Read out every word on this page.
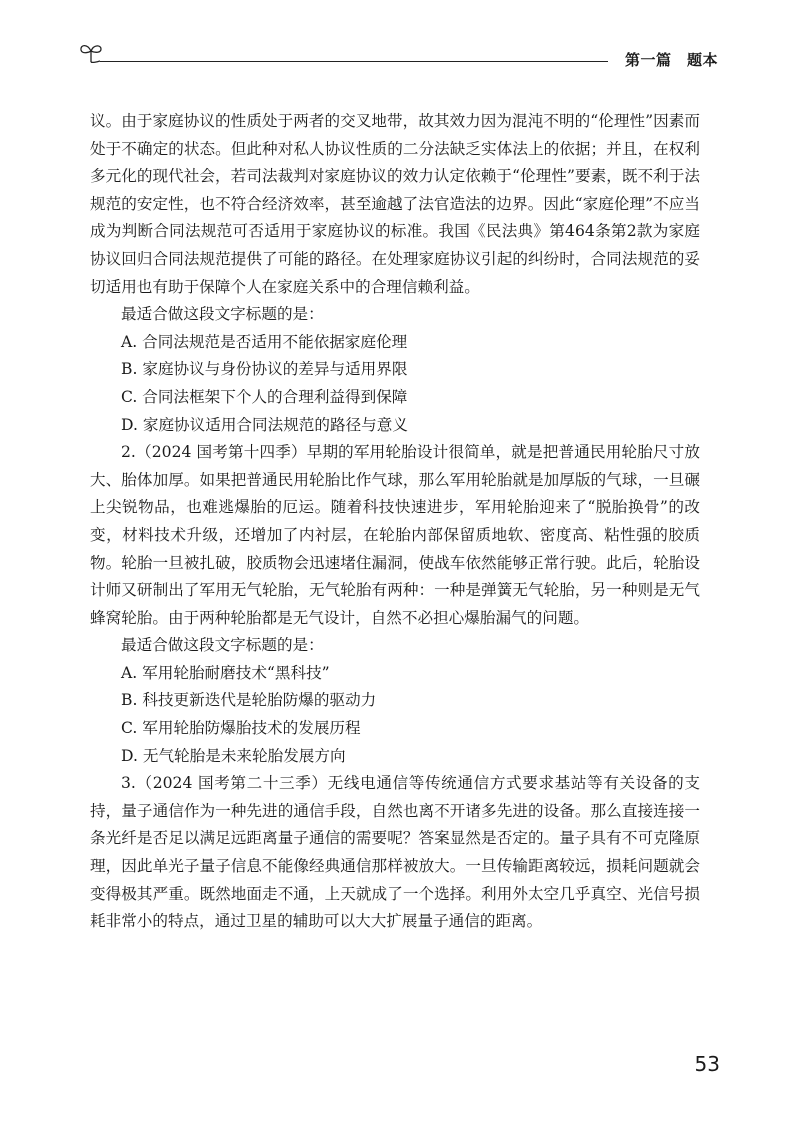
第一篇　题本

议。由于家庭协议的性质处于两者的交叉地带，故其效力因为混沌不明的“伦理性”因素而处于不确定的状态。但此种对私人协议性质的二分法缺乏实体法上的依据；并且，在权利多元化的现代社会，若司法裁判对家庭协议的效力认定依赖于“伦理性”要素，既不利于法规范的安定性，也不符合经济效率，甚至逾越了法官造法的边界。因此“家庭伦理”不应当成为判断合同法规范可否适用于家庭协议的标准。我国《民法典》第464条第2款为家庭协议回归合同法规范提供了可能的路径。在处理家庭协议引起的纠纷时，合同法规范的妥切适用也有助于保障个人在家庭关系中的合理信赖利益。

最适合做这段文字标题的是：

A. 合同法规范是否适用不能依据家庭伦理

B. 家庭协议与身份协议的差异与适用界限

C. 合同法框架下个人的合理利益得到保障

D. 家庭协议适用合同法规范的路径与意义

2.（2024 国考第十四季）早期的军用轮胎设计很简单，就是把普通民用轮胎尺寸放大、胎体加厚。如果把普通民用轮胎比作气球，那么军用轮胎就是加厚版的气球，一旦碾上尖锐物品，也难逃爆胎的厄运。随着科技快速进步，军用轮胎迎来了“脱胎换骨”的改变，材料技术升级，还增加了内衬层，在轮胎内部保留质地软、密度高、粘性强的胶质物。轮胎一旦被扎破，胶质物会迅速堵住漏洞，使战车依然能够正常行驶。此后，轮胎设计师又研制出了军用无气轮胎，无气轮胎有两种：一种是弹簧无气轮胎，另一种则是无气蜂窝轮胎。由于两种轮胎都是无气设计，自然不必担心爆胎漏气的问题。

最适合做这段文字标题的是：

A. 军用轮胎耐磨技术“黑科技”

B. 科技更新迭代是轮胎防爆的驱动力

C. 军用轮胎防爆胎技术的发展历程

D. 无气轮胎是未来轮胎发展方向

3.（2024 国考第二十三季）无线电通信等传统通信方式要求基站等有关设备的支持，量子通信作为一种先进的通信手段，自然也离不开诸多先进的设备。那么直接连接一条光纤是否足以满足远距离量子通信的需要呢？答案显然是否定的。量子具有不可克隆原理，因此单光子量子信息不能像经典通信那样被放大。一旦传输距离较远，损耗问题就会变得极其严重。既然地面走不通，上天就成了一个选择。利用外太空几乎真空、光信号损耗非常小的特点，通过卫星的辅助可以大大扩展量子通信的距离。

53
